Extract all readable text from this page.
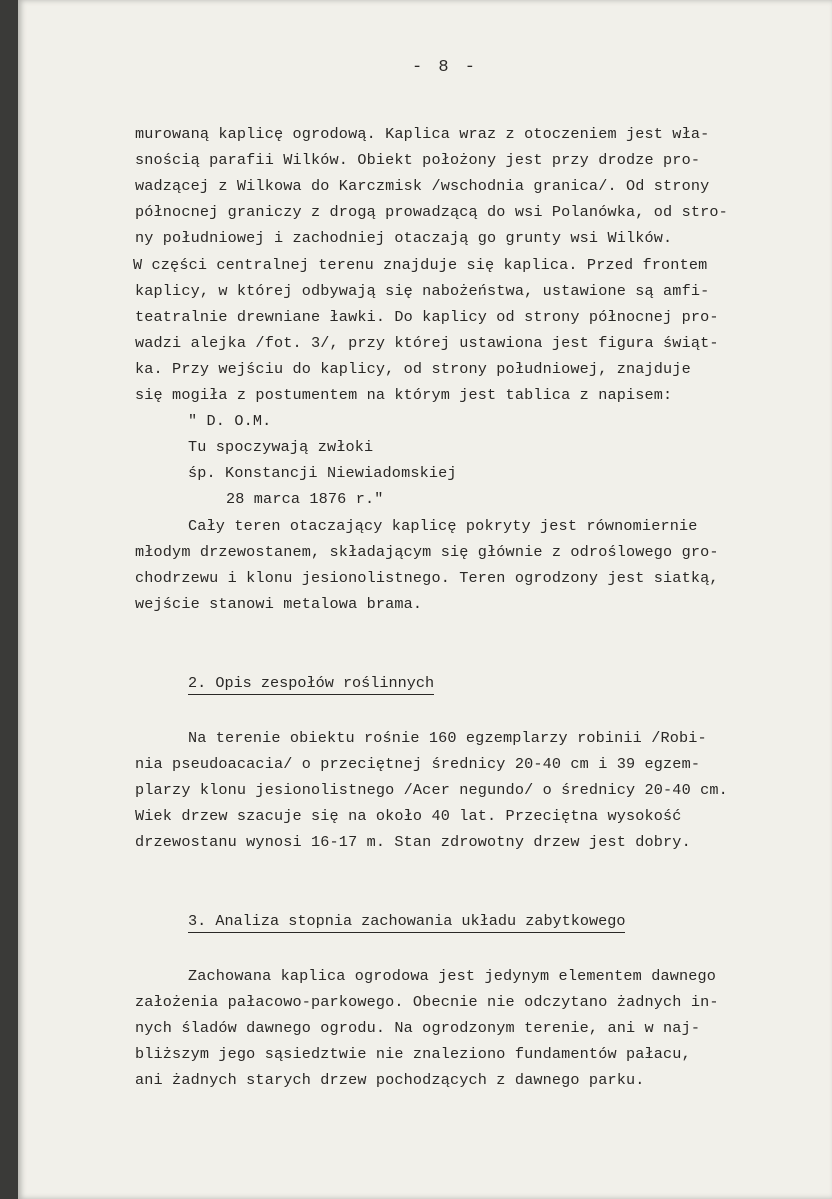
- 8 -
murowaną kaplicę ogrodową. Kaplica wraz z otoczeniem jest wła-
snością parafii Wilków. Obiekt położony jest przy drodze pro-
wadzącej z Wilkowa do Karczmisk /wschodnia granica/. Od strony
północnej graniczy z drogą prowadzącą do wsi Polanówka, od stro-
ny południowej i zachodniej otaczają go grunty wsi Wilków.
W części centralnej terenu znajduje się kaplica. Przed frontem
kaplicy, w której odbywają się nabożeństwa, ustawione są amfi-
teatralnie drewniane ławki. Do kaplicy od strony północnej pro-
wadzi alejka /fot. 3/, przy której ustawiona jest figura świąt-
ka. Przy wejściu do kaplicy, od strony południowej, znajduje
się mogiła z postumentem na którym jest tablica z napisem:
" D. O.M.
Tu spoczywają zwłoki
śp. Konstancji Niewiadomskiej
28 marca 1876 r."
Cały teren otaczający kaplicę pokryty jest równomiernie
młodym drzewostanem, składającym się głównie z odroślowego gro-
chodrzewu i klonu jesionolistnego. Teren ogrodzony jest siatką,
wejście stanowi metalowa brama.
2. Opis zespołów roślinnych
Na terenie obiektu rośnie 160 egzemplarzy robinii /Robi-
nia pseudoacacia/ o przeciętnej średnicy 20-40 cm i 39 egzem-
plarzy klonu jesionolistnego /Acer negundo/ o średnicy 20-40 cm.
Wiek drzew szacuje się na około 40 lat. Przeciętna wysokość
drzewostanu wynosi 16-17 m. Stan zdrowotny drzew jest dobry.
3. Analiza stopnia zachowania układu zabytkowego
Zachowana kaplica ogrodowa jest jedynym elementem dawnego
założenia pałacowo-parkowego. Obecnie nie odczytano żadnych in-
nych śladów dawnego ogrodu. Na ogrodzonym terenie, ani w naj-
bliższym jego sąsiedztwie nie znaleziono fundamentów pałacu,
ani żadnych starych drzew pochodzących z dawnego parku.
